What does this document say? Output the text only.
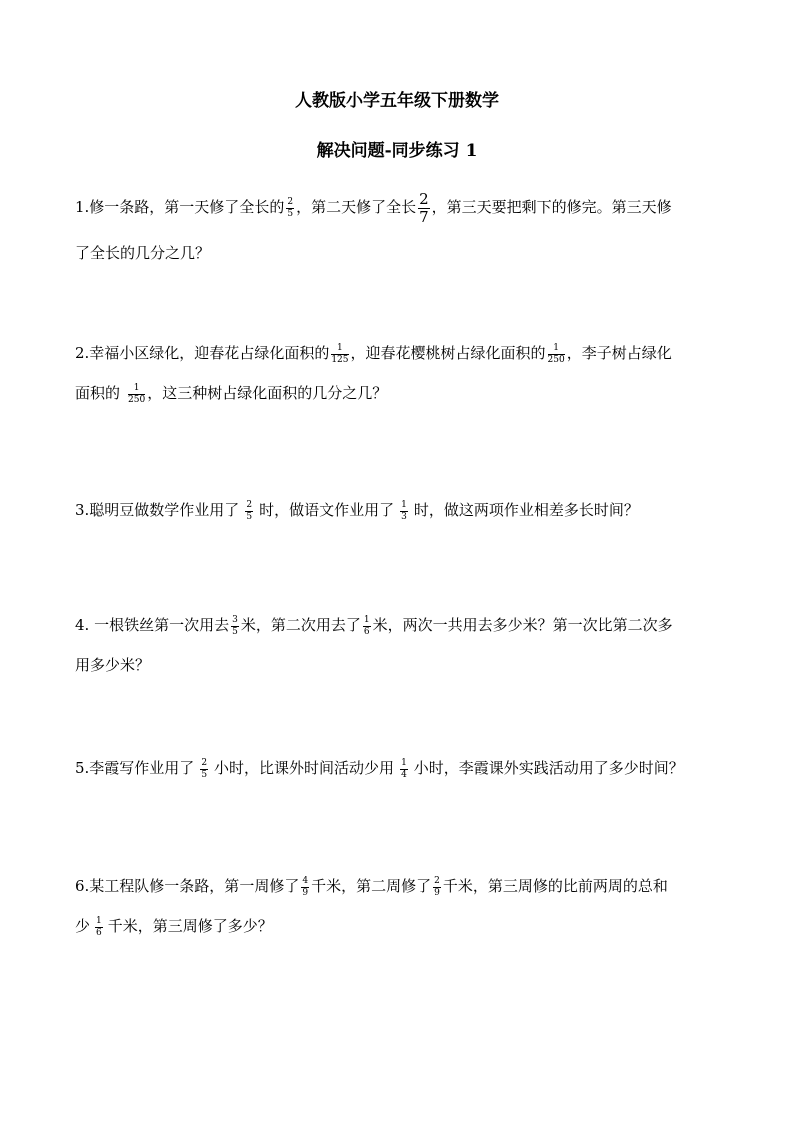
人教版小学五年级下册数学
解决问题-同步练习 1
1.修一条路，第一天修了全长的 $\frac{2}{5}$ ，第二天修了全长 $\frac{2}{7}$ ，第三天要把剩下的修完。第三天修
了全长的几分之几？
2.幸福小区绿化，迎春花占绿化面积的 $\frac{1}{125}$ ，迎春花樱桃树占绿化面积的 $\frac{1}{250}$ ，李子树占绿化
面积的 $\frac{1}{250}$ ，这三种树占绿化面积的几分之几？
3.聪明豆做数学作业用了 $\frac{2}{5}$ 时，做语文作业用了 $\frac{1}{3}$ 时，做这两项作业相差多长时间？
4. 一根铁丝第一次用去 $\frac{3}{5}$ 米，第二次用去了 $\frac{1}{6}$ 米，两次一共用去多少米？第一次比第二次多
用多少米？
5.李霞写作业用了 $\frac{2}{5}$ 小时，比课外时间活动少用 $\frac{1}{4}$ 小时，李霞课外实践活动用了多少时间？
6.某工程队修一条路，第一周修了 $\frac{4}{9}$ 千米，第二周修了 $\frac{2}{9}$ 千米，第三周修的比前两周的总和
少 $\frac{1}{6}$ 千米，第三周修了多少？
